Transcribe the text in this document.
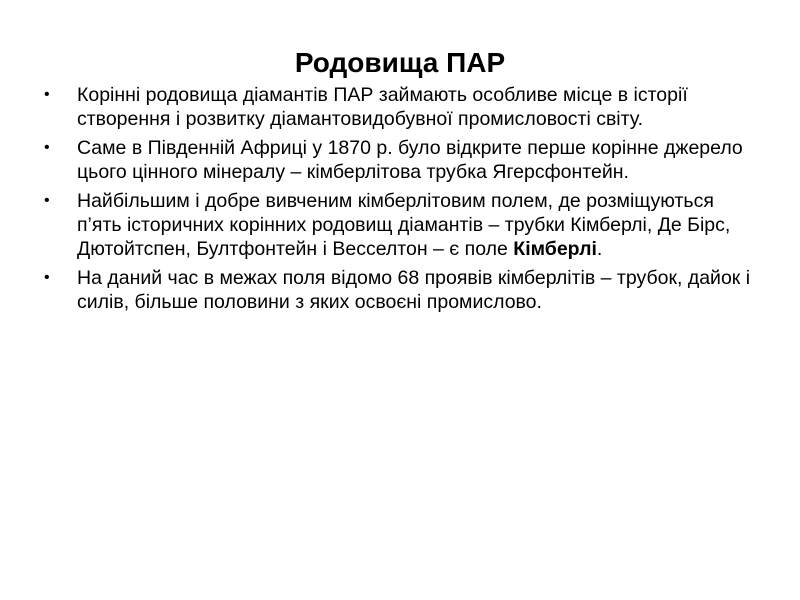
Родовища ПАР
• Корінні родовища діамантів ПАР займають особливе місце в історії створення і розвитку діамантовидобувної промисловості світу.
• Саме в Південній Африці у 1870 р. було відкрите перше корінне джерело цього цінного мінералу – кімберлітова трубка Ягерсфонтейн.
• Найбільшим і добре вивченим кімберлітовим полем, де розміщуються п’ять історичних корінних родовищ діамантів – трубки Кімберлі, Де Бірс, Дютойтспен, Бултфонтейн і Весселтон – є поле Кімберлі.
• На даний час в межах поля відомо 68 проявів кімберлітів – трубок, дайок і силів, більше половини з яких освоєні промислово.
